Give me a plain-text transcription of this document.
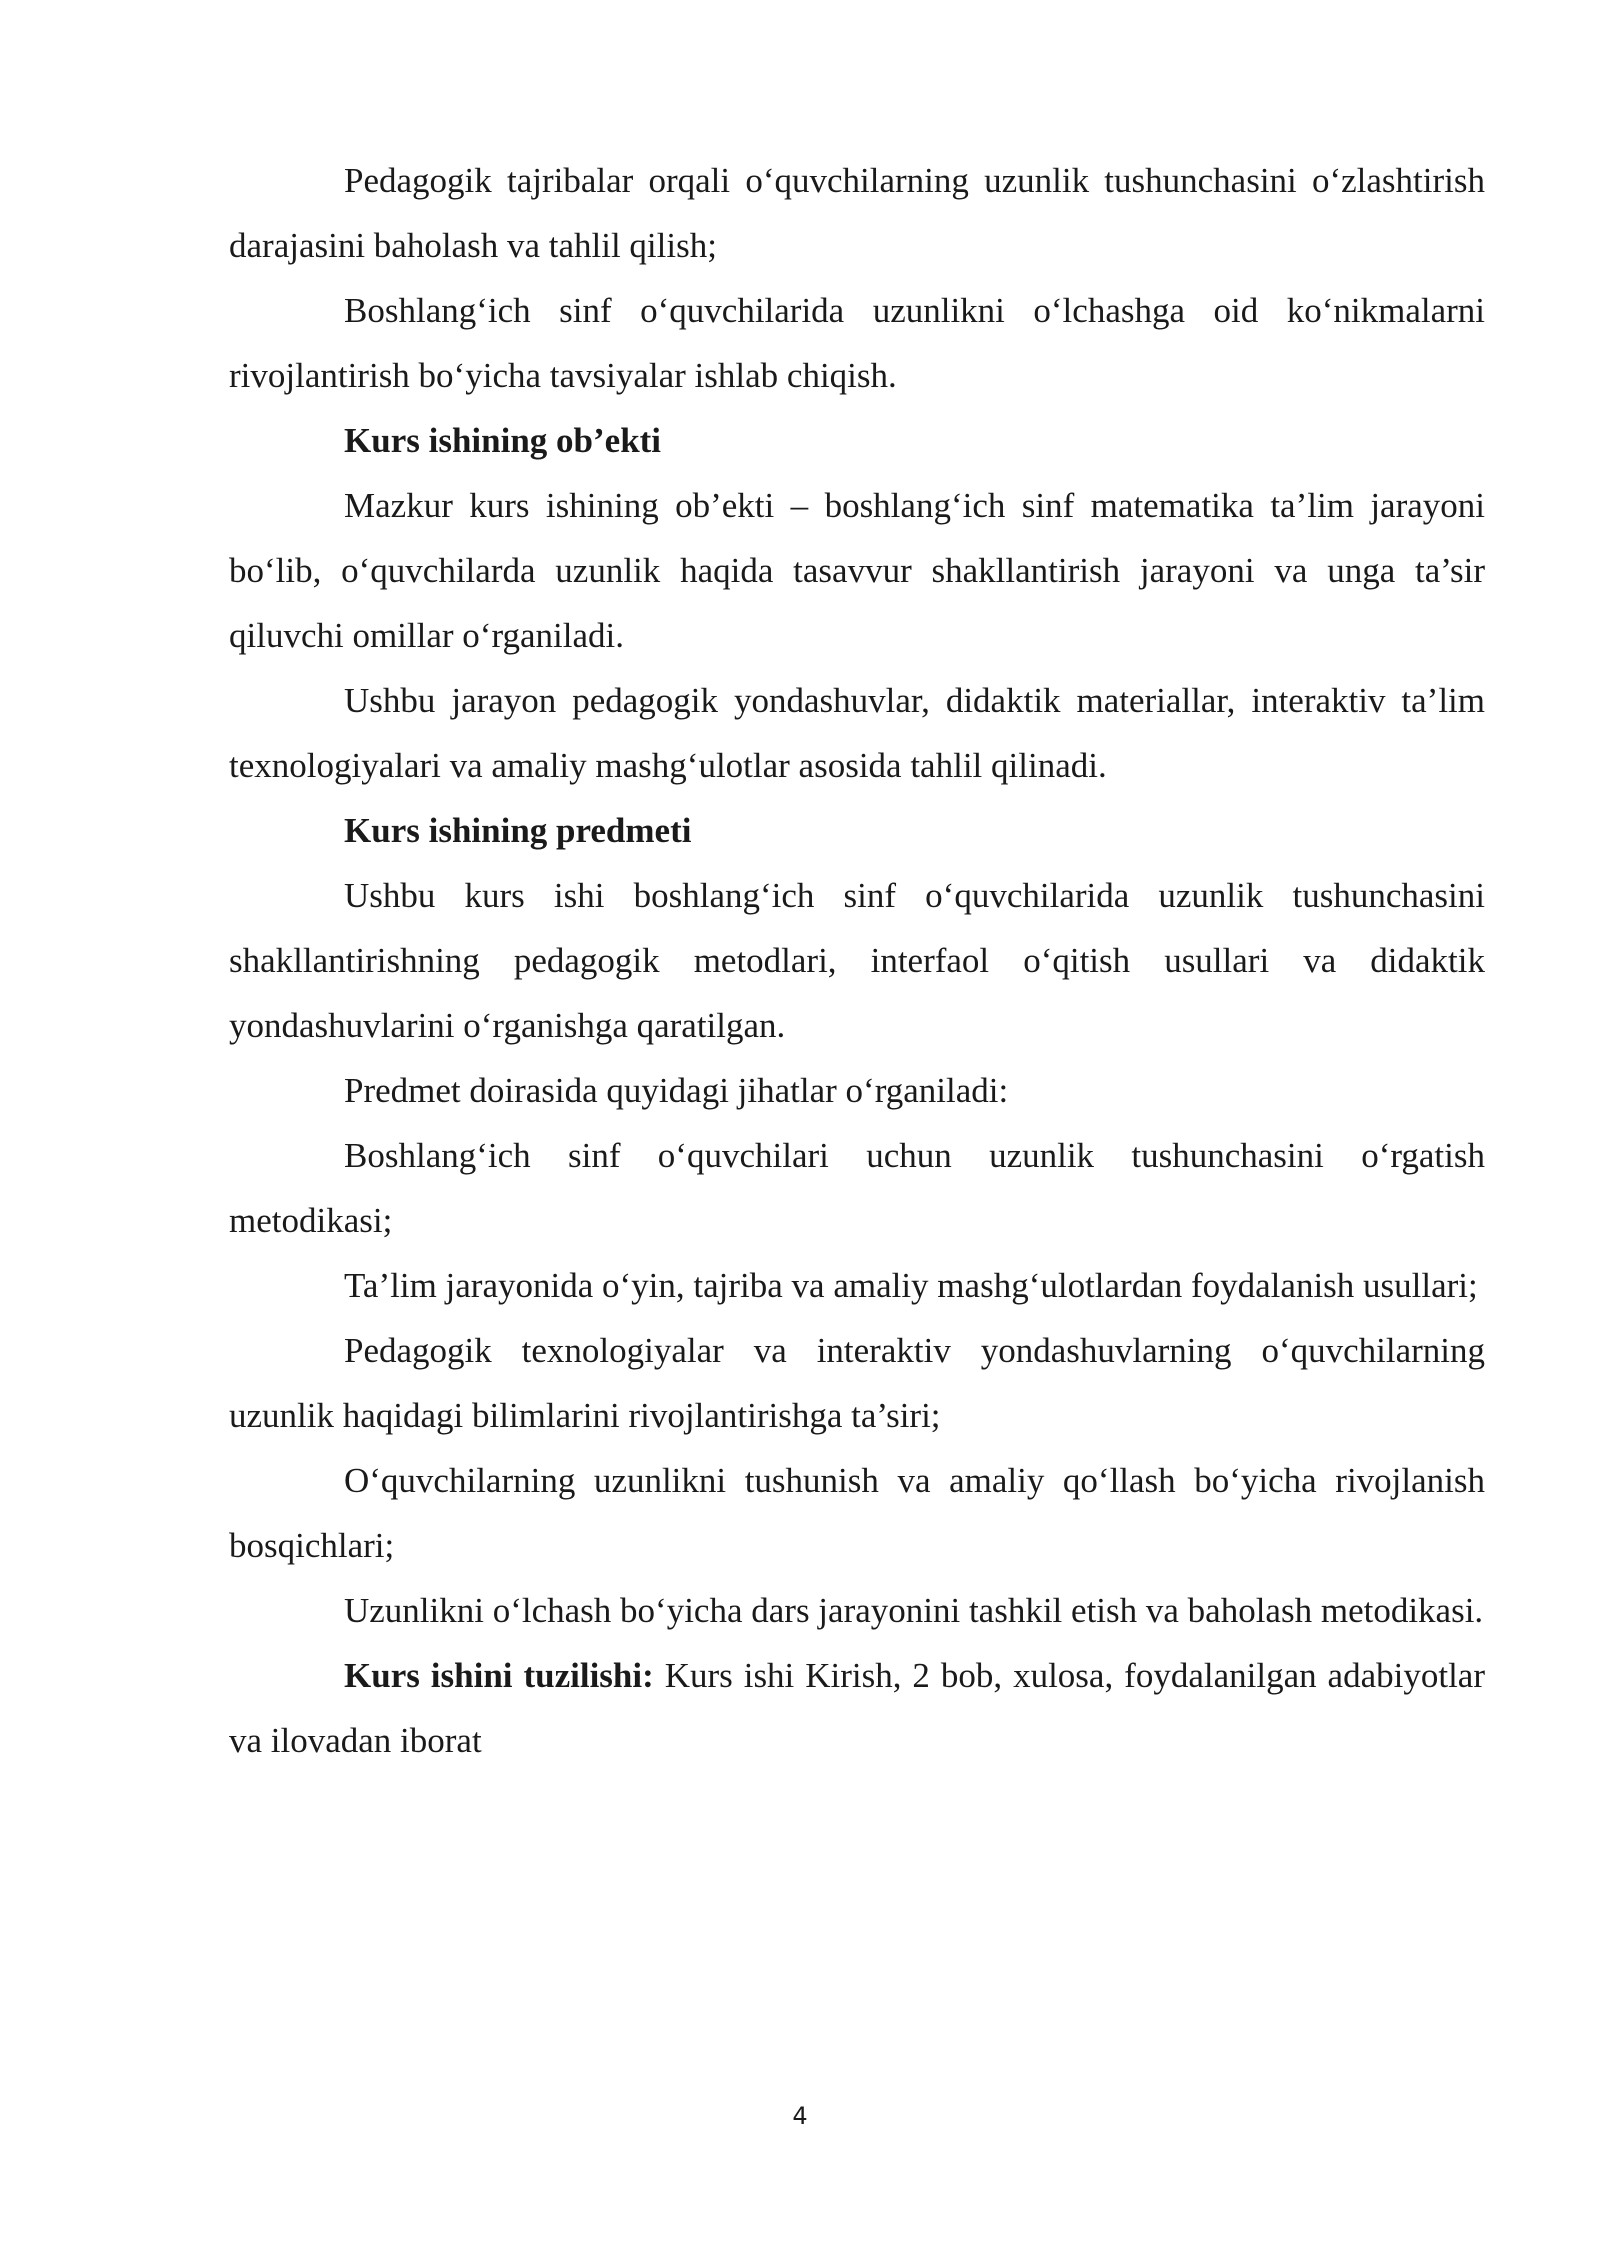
Pedagogik tajribalar orqali o‘quvchilarning uzunlik tushunchasini o‘zlashtirish darajasini baholash va tahlil qilish;

Boshlang‘ich sinf o‘quvchilarida uzunlikni o‘lchashga oid ko‘nikmalarni rivojlantirish bo‘yicha tavsiyalar ishlab chiqish.

Kurs ishining ob’ekti

Mazkur kurs ishining ob’ekti – boshlang‘ich sinf matematika ta’lim jarayoni bo‘lib, o‘quvchilarda uzunlik haqida tasavvur shakllantirish jarayoni va unga ta’sir qiluvchi omillar o‘rganiladi.

Ushbu jarayon pedagogik yondashuvlar, didaktik materiallar, interaktiv ta’lim texnologiyalari va amaliy mashg‘ulotlar asosida tahlil qilinadi.

Kurs ishining predmeti

Ushbu kurs ishi boshlang‘ich sinf o‘quvchilarida uzunlik tushunchasini shakllantirishning pedagogik metodlari, interfaol o‘qitish usullari va didaktik yondashuvlarini o‘rganishga qaratilgan.

Predmet doirasida quyidagi jihatlar o‘rganiladi:

Boshlang‘ich sinf o‘quvchilari uchun uzunlik tushunchasini o‘rgatish metodikasi;

Ta’lim jarayonida o‘yin, tajriba va amaliy mashg‘ulotlardan foydalanish usullari;

Pedagogik texnologiyalar va interaktiv yondashuvlarning o‘quvchilarning uzunlik haqidagi bilimlarini rivojlantirishga ta’siri;

O‘quvchilarning uzunlikni tushunish va amaliy qo‘llash bo‘yicha rivojlanish bosqichlari;

Uzunlikni o‘lchash bo‘yicha dars jarayonini tashkil etish va baholash metodikasi.

Kurs ishini tuzilishi: Kurs ishi Kirish, 2 bob, xulosa, foydalanilgan adabiyotlar va ilovadan iborat

4
